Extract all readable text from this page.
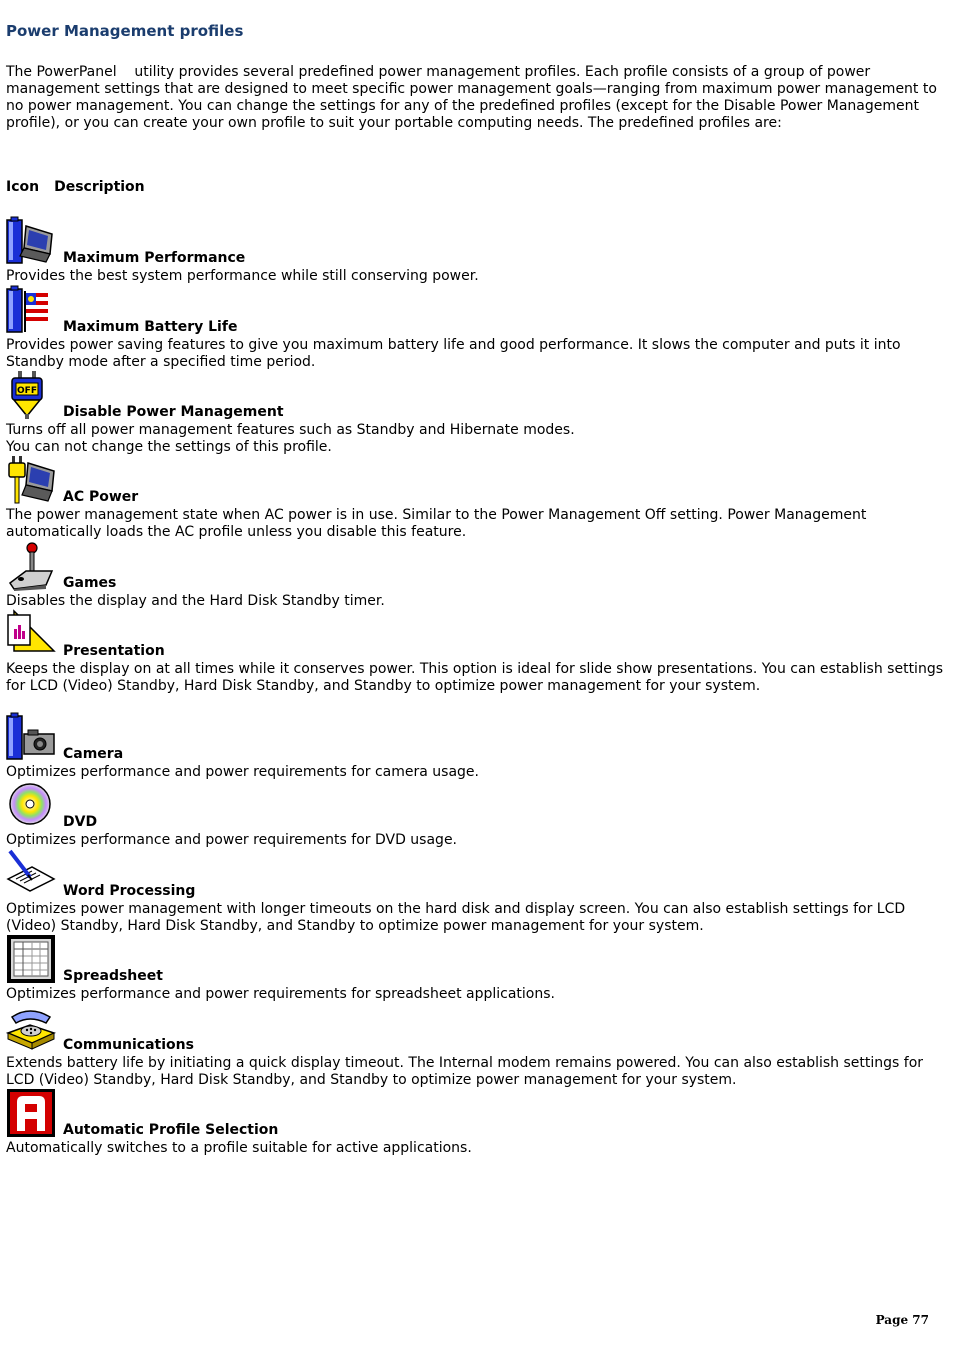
Power Management profiles

The PowerPanel    utility provides several predefined power management profiles. Each profile consists of a group of power management settings that are designed to meet specific power management goals—ranging from maximum power management to no power management. You can change the settings for any of the predefined profiles (except for the Disable Power Management profile), or you can create your own profile to suit your portable computing needs. The predefined profiles are:

Icon Description
Maximum Performance

Provides the best system performance while still conserving power.

Maximum Battery Life

Provides power saving features to give you maximum battery life and good performance. It slows the computer and puts it into Standby mode after a specified time period.

OFF
Disable Power Management

Turns off all power management features such as Standby and Hibernate modes.

You can not change the settings of this profile.

AC Power

The power management state when AC power is in use. Similar to the Power Management Off setting. Power Management automatically loads the AC profile unless you disable this feature.

Games

Disables the display and the Hard Disk Standby timer.

Presentation

Keeps the display on at all times while it conserves power. This option is ideal for slide show presentations. You can establish settings for LCD (Video) Standby, Hard Disk Standby, and Standby to optimize power management for your system.

Camera

Optimizes performance and power requirements for camera usage.

DVD

Optimizes performance and power requirements for DVD usage.

Word Processing

Optimizes power management with longer timeouts on the hard disk and display screen. You can also establish settings for LCD (Video) Standby, Hard Disk Standby, and Standby to optimize power management for your system.

Spreadsheet

Optimizes performance and power requirements for spreadsheet applications.

Communications

Extends battery life by initiating a quick display timeout. The Internal modem remains powered. You can also establish settings for LCD (Video) Standby, Hard Disk Standby, and Standby to optimize power management for your system.

Automatic Profile Selection

Automatically switches to a profile suitable for active applications.

Page 77
